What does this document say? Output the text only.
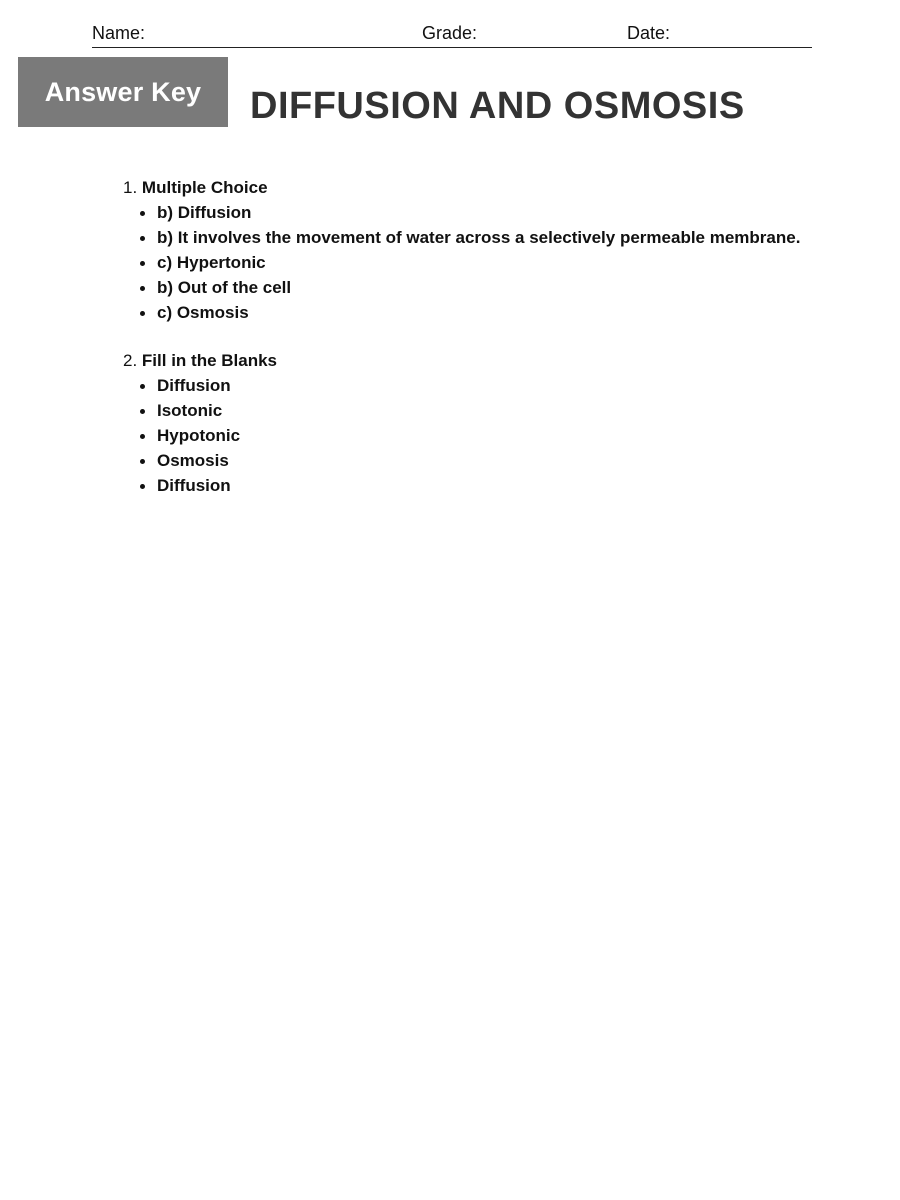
Name:	Grade:	Date:
Answer Key DIFFUSION AND OSMOSIS

1. Multiple Choice

b) Diffusion
b) It involves the movement of water across a selectively permeable membrane.
c) Hypertonic
b) Out of the cell
c) Osmosis

2. Fill in the Blanks

Diffusion
Isotonic
Hypotonic
Osmosis
Diffusion
